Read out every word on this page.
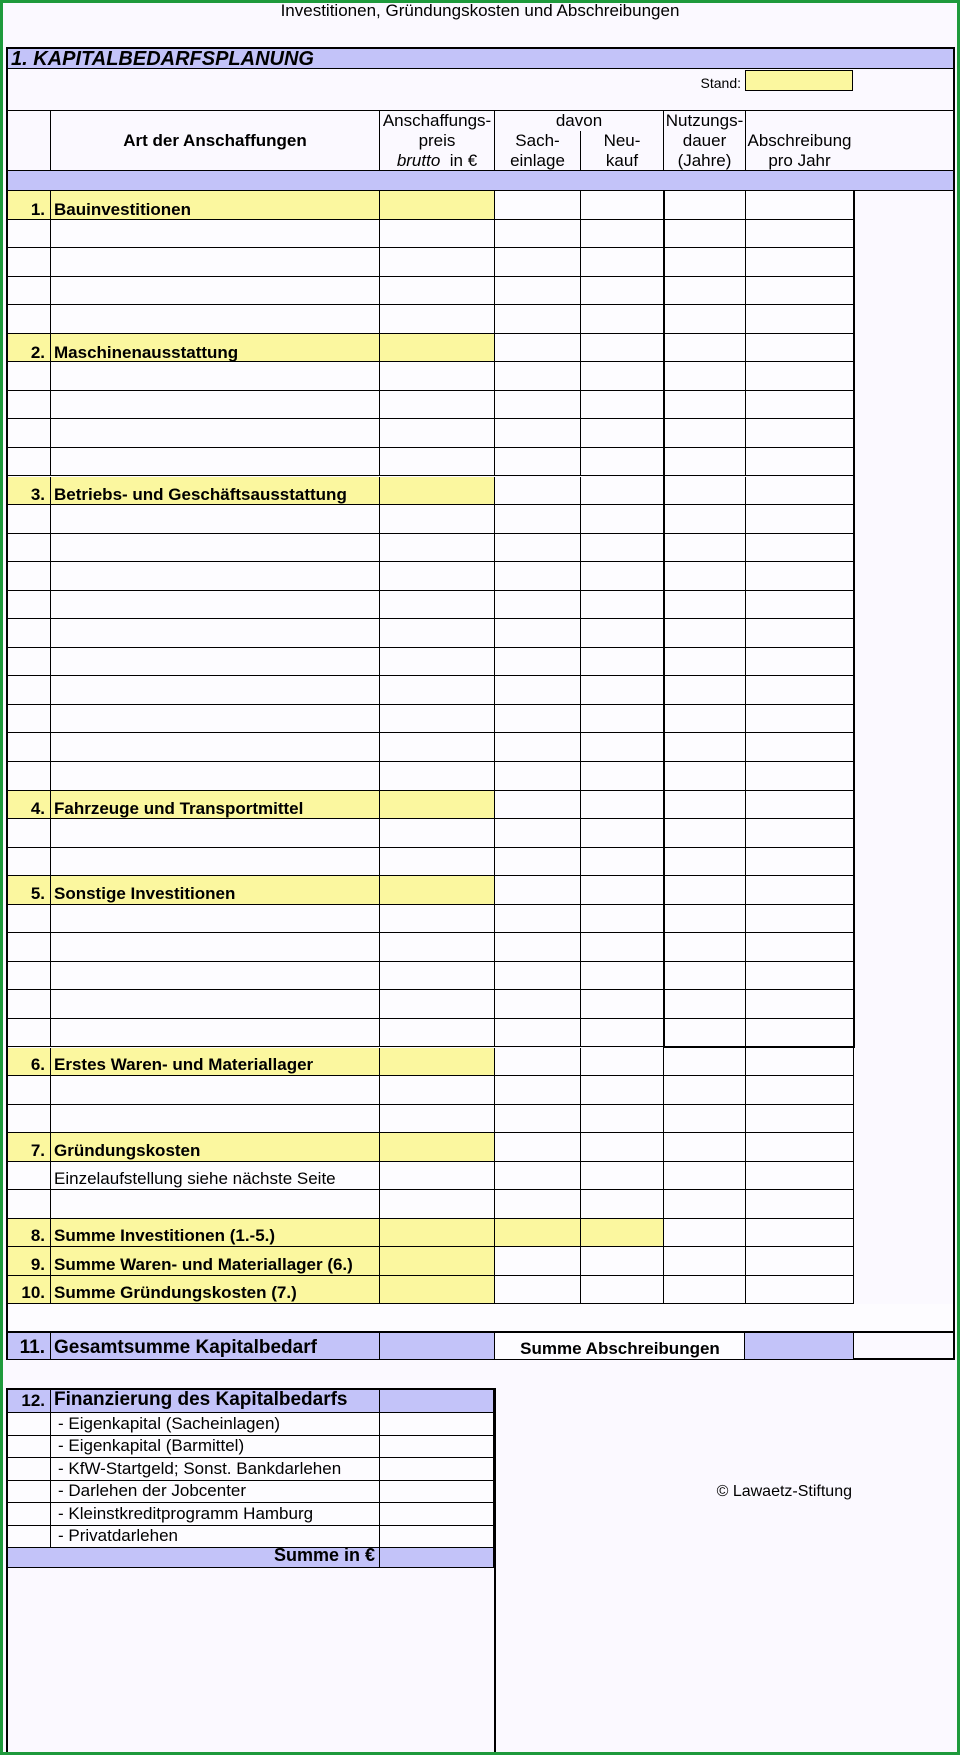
Investitionen, Gründungskosten und Abschreibungen
1. KAPITALBEDARFSPLANUNG
Stand:
Art der Anschaffungen
Anschaffungs-
preis
brutto in €
davon
Sach-
einlage
Neu-
kauf
Nutzungs-
dauer
(Jahre)
Abschreibung
pro Jahr
1. Bauinvestitionen
2. Maschinenausstattung
3. Betriebs- und Geschäftsausstattung
4. Fahrzeuge und Transportmittel
5. Sonstige Investitionen
6. Erstes Waren- und Materiallager
7. Gründungskosten
Einzelaufstellung siehe nächste Seite
8. Summe Investitionen (1.-5.)
9. Summe Waren- und Materiallager (6.)
10. Summe Gründungskosten (7.)
11. Gesamtsumme Kapitalbedarf	Summe Abschreibungen
12. Finanzierung des Kapitalbedarfs
- Eigenkapital (Sacheinlagen)
- Eigenkapital (Barmittel)
- KfW-Startgeld; Sonst. Bankdarlehen
- Darlehen der Jobcenter
- Kleinstkreditprogramm Hamburg
- Privatdarlehen
Summe in €
© Lawaetz-Stiftung
